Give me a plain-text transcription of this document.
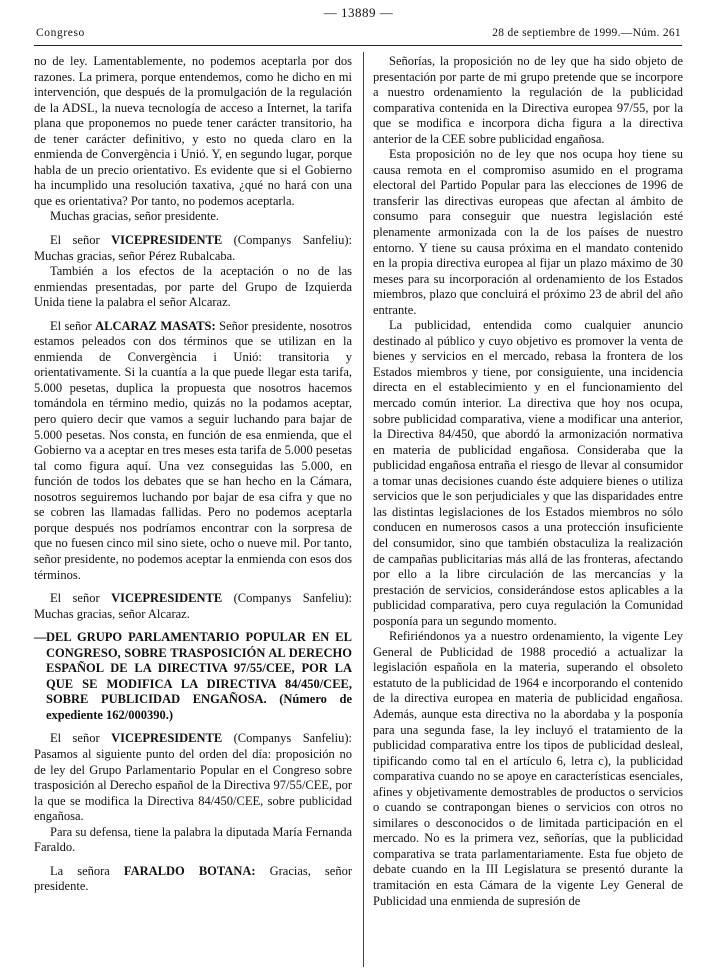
— 13889 —
Congreso	28 de septiembre de 1999.—Núm. 261

no de ley. Lamentablemente, no podemos aceptarla por dos razones. La primera, porque entendemos, como he dicho en mi intervención, que después de la promulgación de la regulación de la ADSL, la nueva tecnología de acceso a Internet, la tarifa plana que proponemos no puede tener carácter transitorio, ha de tener carácter definitivo, y esto no queda claro en la enmienda de Convergència i Unió. Y, en segundo lugar, porque habla de un precio orientativo. Es evidente que si el Gobierno ha incumplido una resolución taxativa, ¿qué no hará con una que es orientativa? Por tanto, no podemos aceptarla.

Muchas gracias, señor presidente.

El señor VICEPRESIDENTE (Companys Sanfeliu): Muchas gracias, señor Pérez Rubalcaba.

También a los efectos de la aceptación o no de las enmiendas presentadas, por parte del Grupo de Izquierda Unida tiene la palabra el señor Alcaraz.

El señor ALCARAZ MASATS: Señor presidente, nosotros estamos peleados con dos términos que se utilizan en la enmienda de Convergència i Unió: transitoria y orientativamente. Si la cuantía a la que puede llegar esta tarifa, 5.000 pesetas, duplica la propuesta que nosotros hacemos tomándola en término medio, quizás no la podamos aceptar, pero quiero decir que vamos a seguir luchando para bajar de 5.000 pesetas. Nos consta, en función de esa enmienda, que el Gobierno va a aceptar en tres meses esta tarifa de 5.000 pesetas tal como figura aquí. Una vez conseguidas las 5.000, en función de todos los debates que se han hecho en la Cámara, nosotros seguiremos luchando por bajar de esa cifra y que no se cobren las llamadas fallidas. Pero no podemos aceptarla porque después nos podríamos encontrar con la sorpresa de que no fuesen cinco mil sino siete, ocho o nueve mil. Por tanto, señor presidente, no podemos aceptar la enmienda con esos dos términos.

El señor VICEPRESIDENTE (Companys Sanfeliu): Muchas gracias, señor Alcaraz.

— DEL GRUPO PARLAMENTARIO POPULAR EN EL CONGRESO, SOBRE TRASPOSICIÓN AL DERECHO ESPAÑOL DE LA DIRECTIVA 97/55/CEE, POR LA QUE SE MODIFICA LA DIRECTIVA 84/450/CEE, SOBRE PUBLICIDAD ENGAÑOSA. (Número de expediente 162/000390.)

El señor VICEPRESIDENTE (Companys Sanfeliu): Pasamos al siguiente punto del orden del día: proposición no de ley del Grupo Parlamentario Popular en el Congreso sobre trasposición al Derecho español de la Directiva 97/55/CEE, por la que se modifica la Directiva 84/450/CEE, sobre publicidad engañosa.

Para su defensa, tiene la palabra la diputada María Fernanda Faraldo.

La señora FARALDO BOTANA: Gracias, señor presidente.

Señorías, la proposición no de ley que ha sido objeto de presentación por parte de mi grupo pretende que se incorpore a nuestro ordenamiento la regulación de la publicidad comparativa contenida en la Directiva europea 97/55, por la que se modifica e incorpora dicha figura a la directiva anterior de la CEE sobre publicidad engañosa.

Esta proposición no de ley que nos ocupa hoy tiene su causa remota en el compromiso asumido en el programa electoral del Partido Popular para las elecciones de 1996 de transferir las directivas europeas que afectan al ámbito de consumo para conseguir que nuestra legislación esté plenamente armonizada con la de los países de nuestro entorno. Y tiene su causa próxima en el mandato contenido en la propia directiva europea al fijar un plazo máximo de 30 meses para su incorporación al ordenamiento de los Estados miembros, plazo que concluirá el próximo 23 de abril del año entrante.

La publicidad, entendida como cualquier anuncio destinado al público y cuyo objetivo es promover la venta de bienes y servicios en el mercado, rebasa la frontera de los Estados miembros y tiene, por consiguiente, una incidencia directa en el establecimiento y en el funcionamiento del mercado común interior. La directiva que hoy nos ocupa, sobre publicidad comparativa, viene a modificar una anterior, la Directiva 84/450, que abordó la armonización normativa en materia de publicidad engañosa. Consideraba que la publicidad engañosa entraña el riesgo de llevar al consumidor a tomar unas decisiones cuando éste adquiere bienes o utiliza servicios que le son perjudiciales y que las disparidades entre las distintas legislaciones de los Estados miembros no sólo conducen en numerosos casos a una protección insuficiente del consumidor, sino que también obstaculiza la realización de campañas publicitarias más allá de las fronteras, afectando por ello a la libre circulación de las mercancías y la prestación de servicios, considerándose estos aplicables a la publicidad comparativa, pero cuya regulación la Comunidad posponía para un segundo momento.

Refiriéndonos ya a nuestro ordenamiento, la vigente Ley General de Publicidad de 1988 procedió a actualizar la legislación española en la materia, superando el obsoleto estatuto de la publicidad de 1964 e incorporando el contenido de la directiva europea en materia de publicidad engañosa. Además, aunque esta directiva no la abordaba y la posponía para una segunda fase, la ley incluyó el tratamiento de la publicidad comparativa entre los tipos de publicidad desleal, tipificando como tal en el artículo 6, letra c), la publicidad comparativa cuando no se apoye en características esenciales, afines y objetivamente demostrables de productos o servicios o cuando se contrapongan bienes o servicios con otros no similares o desconocidos o de limitada participación en el mercado. No es la primera vez, señorías, que la publicidad comparativa se trata parlamentariamente. Esta fue objeto de debate cuando en la III Legislatura se presentó durante la tramitación en esta Cámara de la vigente Ley General de Publicidad una enmienda de supresión de
